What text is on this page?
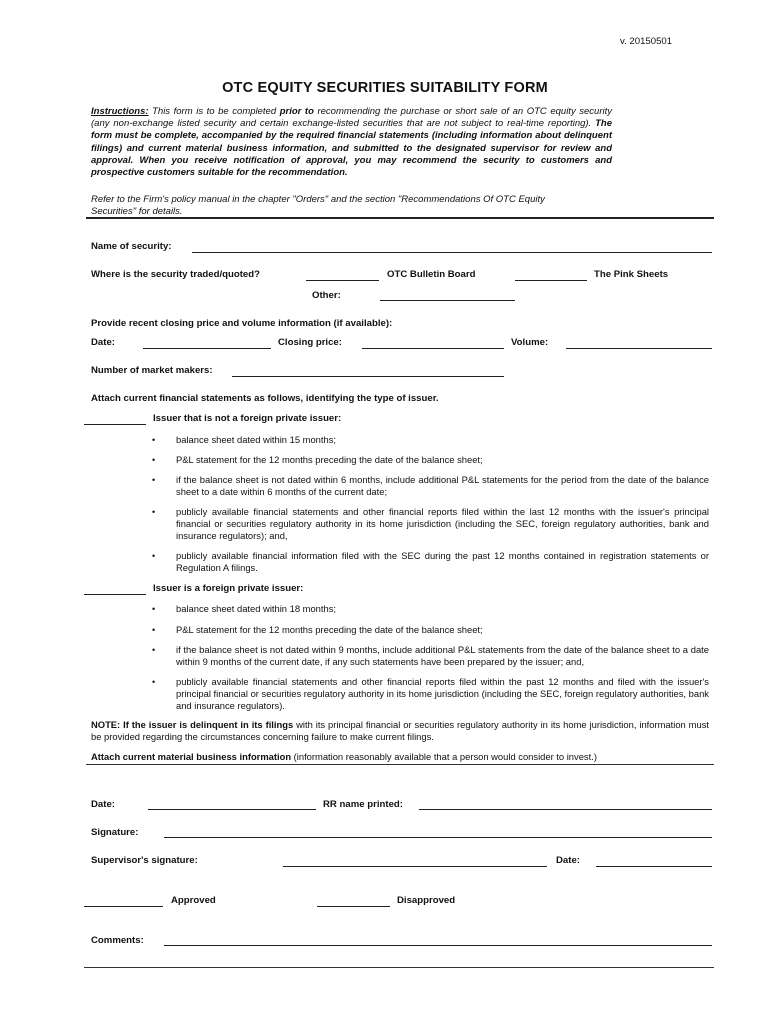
v. 20150501
OTC EQUITY SECURITIES SUITABILITY FORM
Instructions: This form is to be completed prior to recommending the purchase or short sale of an OTC equity security (any non-exchange listed security and certain exchange-listed securities that are not subject to real-time reporting). The form must be complete, accompanied by the required financial statements (including information about delinquent filings) and current material business information, and submitted to the designated supervisor for review and approval. When you receive notification of approval, you may recommend the security to customers and prospective customers suitable for the recommendation.
Refer to the Firm's policy manual in the chapter "Orders" and the section "Recommendations Of OTC Equity Securities" for details.
Name of security:
Where is the security traded/quoted?	OTC Bulletin Board	The Pink Sheets
Other:
Provide recent closing price and volume information (if available):
Date:	Closing price:	Volume:
Number of market makers:
Attach current financial statements as follows, identifying the type of issuer.
Issuer that is not a foreign private issuer:
• balance sheet dated within 15 months;
• P&L statement for the 12 months preceding the date of the balance sheet;
• if the balance sheet is not dated within 6 months, include additional P&L statements for the period from the date of the balance sheet to a date within 6 months of the current date;
• publicly available financial statements and other financial reports filed within the last 12 months with the issuer's principal financial or securities regulatory authority in its home jurisdiction (including the SEC, foreign regulatory authorities, bank and insurance regulators); and,
• publicly available financial information filed with the SEC during the past 12 months contained in registration statements or Regulation A filings.
Issuer is a foreign private issuer:
• balance sheet dated within 18 months;
• P&L statement for the 12 months preceding the date of the balance sheet;
• if the balance sheet is not dated within 9 months, include additional P&L statements from the date of the balance sheet to a date within 9 months of the current date, if any such statements have been prepared by the issuer; and,
• publicly available financial statements and other financial reports filed within the past 12 months and filed with the issuer's principal financial or securities regulatory authority in its home jurisdiction (including the SEC, foreign regulatory authorities, bank and insurance regulators).
NOTE: If the issuer is delinquent in its filings with its principal financial or securities regulatory authority in its home jurisdiction, information must be provided regarding the circumstances concerning failure to make current filings.
Attach current material business information (information reasonably available that a person would consider to invest.)
Date:	RR name printed:
Signature:
Supervisor's signature:	Date:
Approved	Disapproved
Comments:
